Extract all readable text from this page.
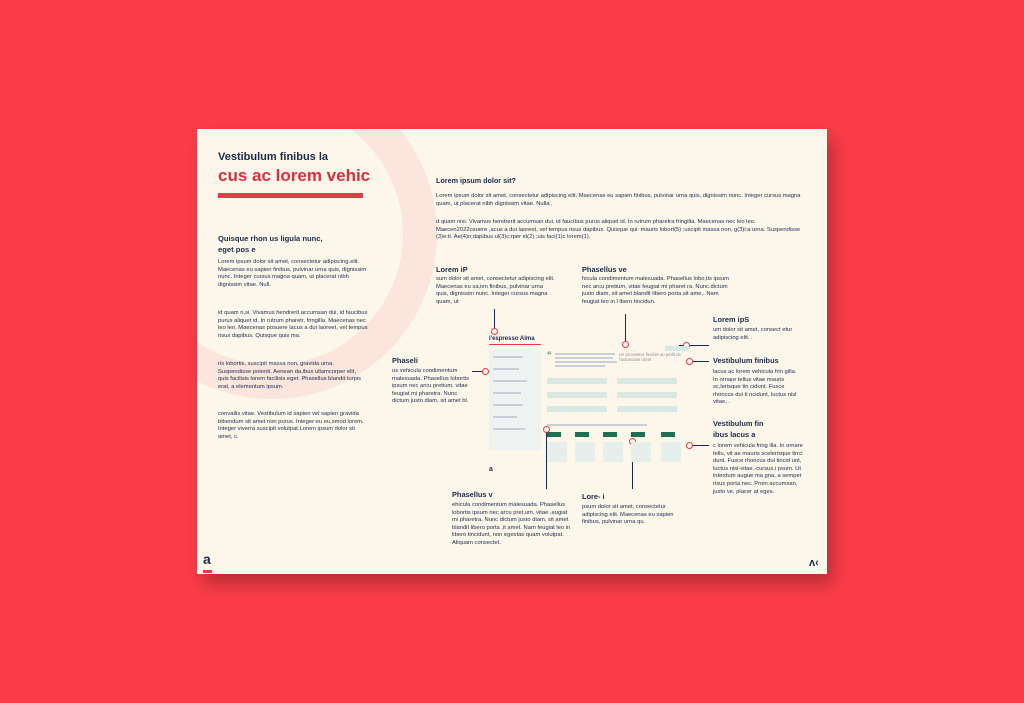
Vestibulum finibus la
cus ac lorem vehic
Quisque rhon us ligula nunc,
eget pos e
Lorem ipsum dolor sit amet, consectetur adipiscing.elit. Maecenas eu sapien finibus, pulvinar urna quis, dignissim nunc. Integer cursus magna quam, ut placerat nibh dignissim vitae. Null.
id quam n,si. Vivamus hendrerit accumsan dui, id faucibus purus aliquet id. In rutrum pharetr, fringilla. Maecenas nec leo leo. Maecenas posuere lacus a dui laoreet, vel tempus risus dapibus. Quisque quis ma.
ris lobortis, suscipit massa non, gravida urna. Suspendisse potenti. Aenean da,ibus ullamcorper elit, quis facilisis lorem facilisis eget. Phasellus blandit turpis erat, a elementum ipsum.
convallis vitae. Vestibulum id sapien vel sapien gravida bibendum sit amet non purus. Integer eu eu,smod lorem. Integer viverra suscipit volutpat.Lorem ipsum dolor sit amet, c.
Lorem ipsum dolor sit?
Lorem ipsum dolor sit amet, consectetur adipiscing elit. Maecenas eu sapien finibus, pulvinar urna quis, dignissim nunc. Integer cursus magna quam, ut placerat nibh dignissim vitae. Nulla .
d quam nisi. Vivamus hendrerit accumsan dui, id faucibus purus aliquet id. In rutrum pharetra fringilla. Maecenas nec leo leo. Maecen2022osuere ,acus a dui laoreet, vel tempus risus dapibus. Quisque qui: mauris lobort(5) ;uscipit massa non, g(3)i:a urna. Suspendisse (3)e:ti. Ae(4)n;dapibus ul(3)c;rper el(2) ;uis faci(1)c lorem(1).
Lorem iP
sum dolor sit amet, consectetur adipiscing elit. Maecenas eu sa,ien finibus, pulvinar urna quis, dignissim nunc. Integer cursus magna quam, ut
Phasellus ve
hicula condimentum malesuada. Phasellus lobo,tis ipsum nec arcu pretium, vitae feugiat mi pharet ra. Nunc.dictum justo diam, sit amet blandit libero porta sit ame,. Nam feugiat leo in l ibero tincidun.
Phaseli
us vehicula condimentum malesuada. Phasellus lobortis ipsum nec arcu pretium, vitae feugiat mi pharetra. Nunc dictum justo diam, sit amet bl.
Lorem ipS
um dolor sit amet, consect etur adipiscing elit. .
Vestibulum finibus
lacus ac lorem vehicula frin gilla. In ornare tellus vitae mauris sc,lerisque tin cidunt. Fusce rhoncus dui ti ncidunt, luctus nisl vitae, .
Vestibulum fin
ibus lacus a
c lorem vehicula fring illa. In ornare tellu, vit ae mauris scelerisque tinci dunt. Fusce rhoncus dui tincid unt, luctus nisl-vitae,-cursus,i psum. Ut interdum augue ma gna, a semper risus porta nec. Proin accumsan, justo ve, placer at eges.
Phasellus v
ehicula condimentum malesuada. Phasellus lobortis ipsum nec arcu pret,um, vitae ,eugiat mi pharetra. Nunc dictum justo diam, sit amet blandit libero porta ,it amet. Nam feugiat leo in libero tincidunt, non egestas quam volutpat. Aliquam consectet.
Lore- i
psum dolor sit amet, consectetur adipiscing elit. Maecenas eu sapien finibus, pulvinar urna qu.
l'espresso Alma
“	Un processus flexible au profit de l'autonomie client
a
a	ʌ‹
